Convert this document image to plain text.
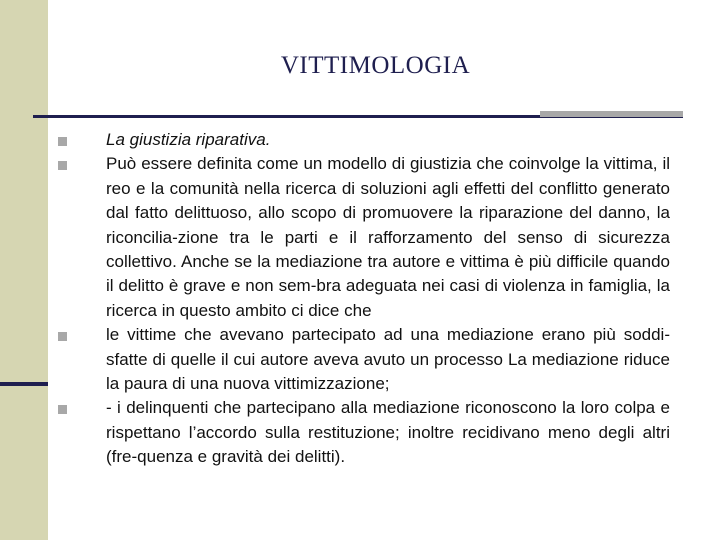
VITTIMOLOGIA
La giustizia riparativa.
Può essere definita come un modello di giustizia che coinvolge la vittima, il reo e la comunità nella ricerca di soluzioni agli effetti del conflitto generato dal fatto delittuoso, allo scopo di promuovere la riparazione del danno, la riconcilia-zione tra le parti e il rafforzamento del senso di sicurezza collettivo. Anche se la mediazione tra autore e vittima è più difficile quando il delitto è grave e non sem-bra adeguata nei casi di violenza in famiglia, la ricerca in questo ambito ci dice che
le vittime che avevano partecipato ad una mediazione erano più soddi-sfatte di quelle il cui autore aveva avuto un processo La mediazione riduce la paura di una nuova vittimizzazione;
- i delinquenti che partecipano alla mediazione riconoscono la loro colpa e rispettano l’accordo sulla restituzione; inoltre recidivano meno degli altri (fre-quenza e gravità dei delitti).
